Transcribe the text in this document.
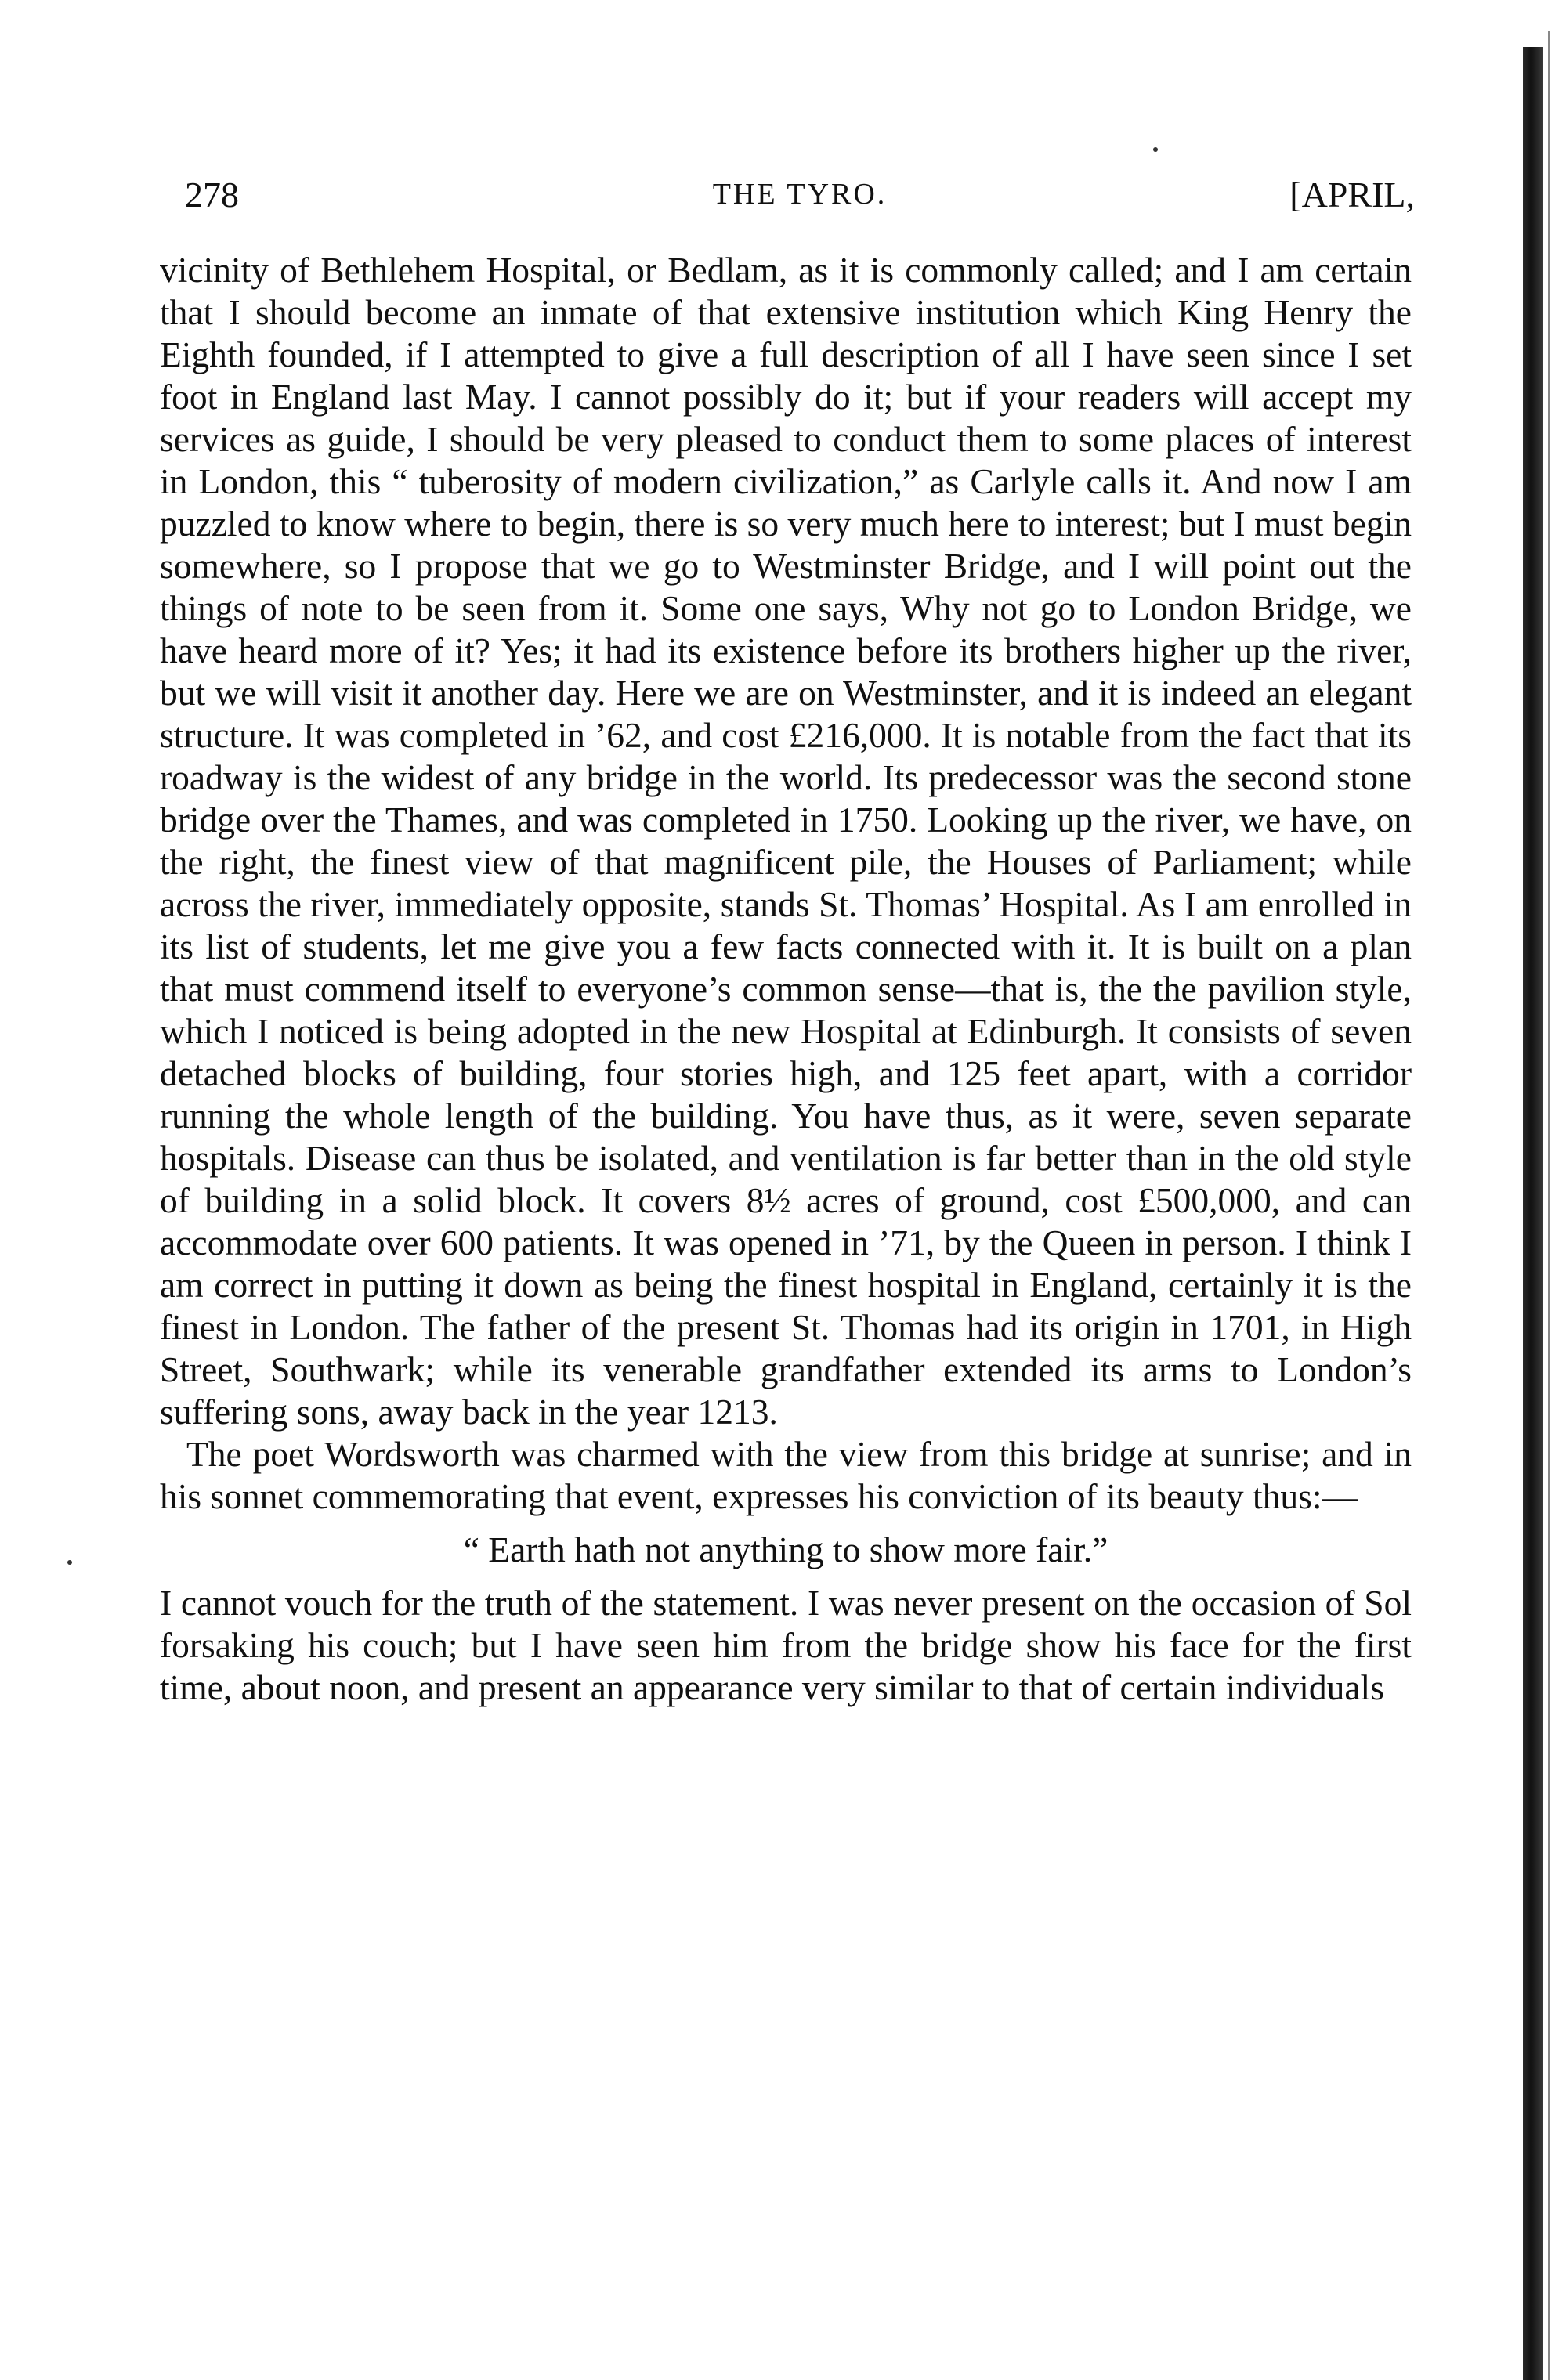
278	THE TYRO.	[APRIL,

vicinity of Bethlehem Hospital, or Bedlam, as it is commonly called; and I am certain that I should become an inmate of that extensive institution which King Henry the Eighth founded, if I attempted to give a full description of all I have seen since I set foot in England last May. I cannot possibly do it; but if your readers will accept my services as guide, I should be very pleased to conduct them to some places of interest in London, this “ tuberosity of modern civilization,” as Carlyle calls it. And now I am puzzled to know where to begin, there is so very much here to interest; but I must begin somewhere, so I propose that we go to Westminster Bridge, and I will point out the things of note to be seen from it. Some one says, Why not go to London Bridge, we have heard more of it? Yes; it had its existence before its brothers higher up the river, but we will visit it another day. Here we are on Westminster, and it is indeed an elegant structure. It was completed in ’62, and cost £216,000. It is notable from the fact that its roadway is the widest of any bridge in the world. Its predecessor was the second stone bridge over the Thames, and was completed in 1750. Looking up the river, we have, on the right, the finest view of that magnificent pile, the Houses of Parliament; while across the river, immediately opposite, stands St. Thomas’ Hospital. As I am enrolled in its list of students, let me give you a few facts connected with it. It is built on a plan that must commend itself to everyone’s common sense—that is, the the pavilion style, which I noticed is being adopted in the new Hospital at Edinburgh. It consists of seven detached blocks of building, four stories high, and 125 feet apart, with a corridor running the whole length of the building. You have thus, as it were, seven separate hospitals. Disease can thus be isolated, and ventilation is far better than in the old style of building in a solid block. It covers 8½ acres of ground, cost £500,000, and can accommodate over 600 patients. It was opened in ’71, by the Queen in person. I think I am correct in putting it down as being the finest hospital in England, certainly it is the finest in London. The father of the present St. Thomas had its origin in 1701, in High Street, Southwark; while its venerable grandfather extended its arms to London’s suffering sons, away back in the year 1213.

The poet Wordsworth was charmed with the view from this bridge at sunrise; and in his sonnet commemorating that event, expresses his conviction of its beauty thus:—

“ Earth hath not anything to show more fair.”

I cannot vouch for the truth of the statement. I was never present on the occasion of Sol forsaking his couch; but I have seen him from the bridge show his face for the first time, about noon, and present an appearance very similar to that of certain individuals
